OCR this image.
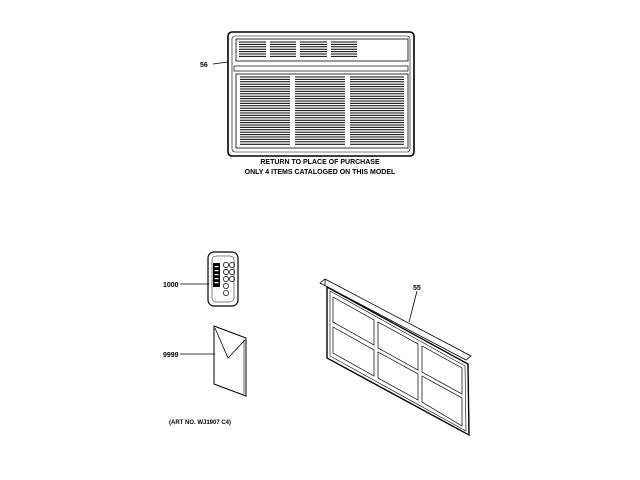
56
RETURN TO PLACE OF PURCHASE
ONLY 4 ITEMS CATALOGED ON THIS MODEL
1000
9999
(ART NO. WJ1907 C4)
55
